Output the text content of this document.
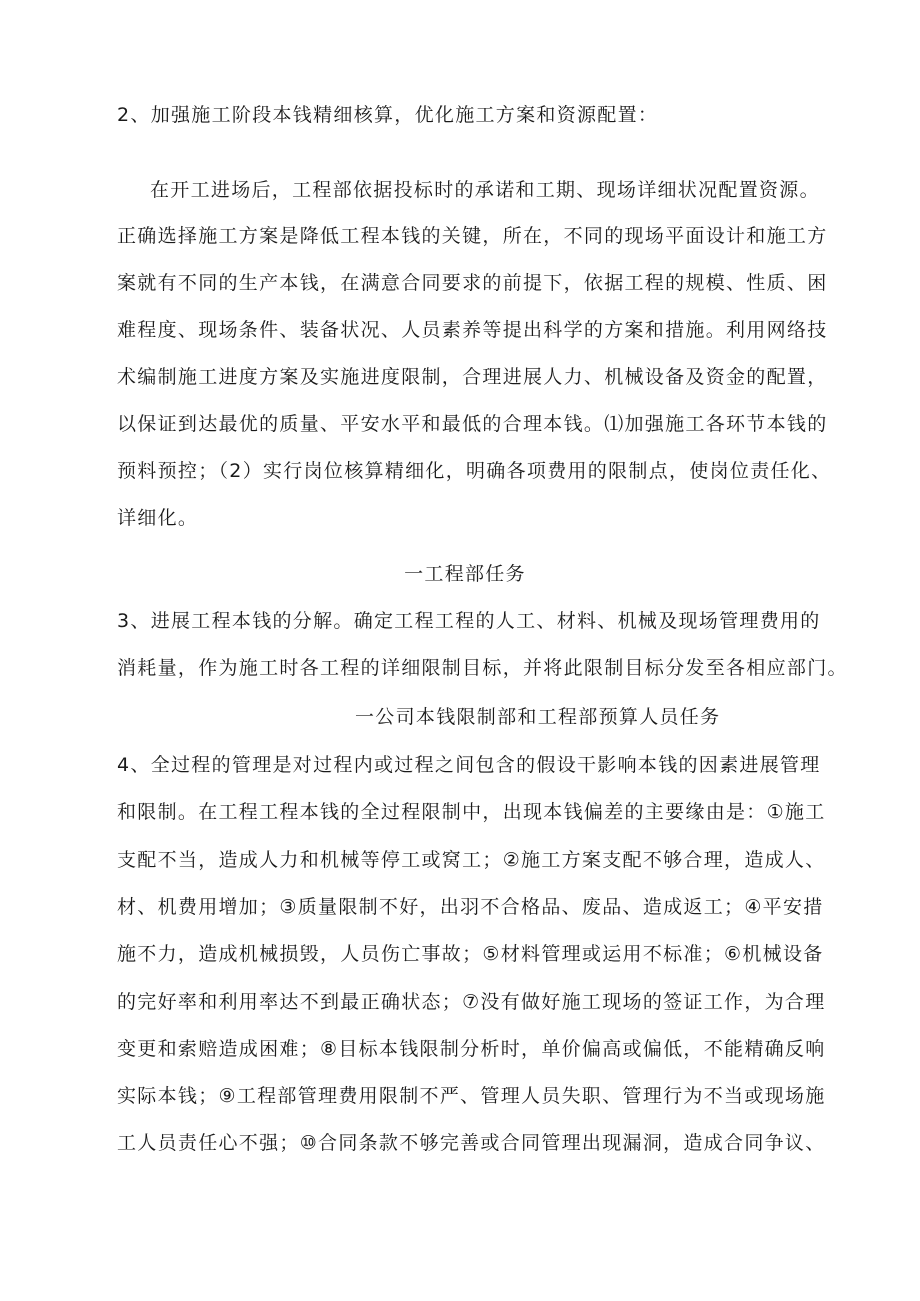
2、加强施工阶段本钱精细核算，优化施工方案和资源配置：
在开工进场后，工程部依据投标时的承诺和工期、现场详细状况配置资源。
正确选择施工方案是降低工程本钱的关键，所在，不同的现场平面设计和施工方
案就有不同的生产本钱，在满意合同要求的前提下，依据工程的规模、性质、困
难程度、现场条件、装备状况、人员素养等提出科学的方案和措施。利用网络技
术编制施工进度方案及实施进度限制，合理进展人力、机械设备及资金的配置，
以保证到达最优的质量、平安水平和最低的合理本钱。⑴加强施工各环节本钱的
预料预控；（2）实行岗位核算精细化，明确各项费用的限制点，使岗位责任化、
详细化。
一工程部任务
3、进展工程本钱的分解。确定工程工程的人工、材料、机械及现场管理费用的
消耗量，作为施工时各工程的详细限制目标，并将此限制目标分发至各相应部门。
一公司本钱限制部和工程部预算人员任务
4、全过程的管理是对过程内或过程之间包含的假设干影响本钱的因素进展管理
和限制。在工程工程本钱的全过程限制中，出现本钱偏差的主要缘由是：①施工
支配不当，造成人力和机械等停工或窝工；②施工方案支配不够合理，造成人、
材、机费用增加；③质量限制不好，出羽不合格品、废品、造成返工；④平安措
施不力，造成机械损毁，人员伤亡事故；⑤材料管理或运用不标准；⑥机械设备
的完好率和利用率达不到最正确状态；⑦没有做好施工现场的签证工作，为合理
变更和索赔造成困难；⑧目标本钱限制分析时，单价偏高或偏低，不能精确反响
实际本钱；⑨工程部管理费用限制不严、管理人员失职、管理行为不当或现场施
工人员责任心不强；⑩合同条款不够完善或合同管理出现漏洞，造成合同争议、
